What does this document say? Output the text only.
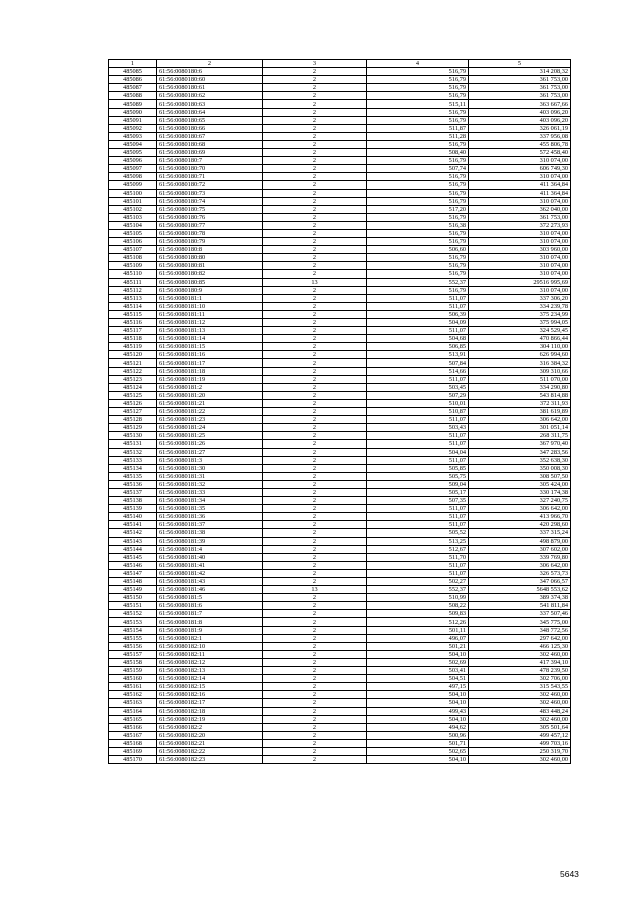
1	2	3	4	5
485085	61:56:0080180:6	2	516,79	314 208,32
485086	61:56:0080180:60	2	516,79	361 753,00
485087	61:56:0080180:61	2	516,79	361 753,00
485088	61:56:0080180:62	2	516,79	361 753,00
485089	61:56:0080180:63	2	515,11	363 667,66
485090	61:56:0080180:64	2	516,79	403 096,20
485091	61:56:0080180:65	2	516,79	403 096,20
485092	61:56:0080180:66	2	511,87	326 061,19
485093	61:56:0080180:67	2	511,28	337 956,08
485094	61:56:0080180:68	2	516,79	455 806,78
485095	61:56:0080180:69	2	508,40	572 458,40
485096	61:56:0080180:7	2	516,79	310 074,00
485097	61:56:0080180:70	2	507,74	606 749,30
485098	61:56:0080180:71	2	516,79	310 074,00
485099	61:56:0080180:72	2	516,79	411 364,84
485100	61:56:0080180:73	2	516,79	411 364,84
485101	61:56:0080180:74	2	516,79	310 074,00
485102	61:56:0080180:75	2	517,20	362 040,00
485103	61:56:0080180:76	2	516,79	361 753,00
485104	61:56:0080180:77	2	516,38	372 273,93
485105	61:56:0080180:78	2	516,79	310 074,00
485106	61:56:0080180:79	2	516,79	310 074,00
485107	61:56:0080180:8	2	506,60	303 960,00
485108	61:56:0080180:80	2	516,79	310 074,00
485109	61:56:0080180:81	2	516,79	310 074,00
485110	61:56:0080180:82	2	516,79	310 074,00
485111	61:56:0080180:85	13	552,37	29516 995,69
485112	61:56:0080180:9	2	516,79	310 074,00
485113	61:56:0080181:1	2	511,07	337 306,20
485114	61:56:0080181:10	2	511,07	334 239,78
485115	61:56:0080181:11	2	506,39	375 234,99
485116	61:56:0080181:12	2	504,09	375 994,05
485117	61:56:0080181:13	2	511,07	324 529,45
485118	61:56:0080181:14	2	504,68	470 866,44
485119	61:56:0080181:15	2	506,85	304 110,00
485120	61:56:0080181:16	2	513,91	626 994,60
485121	61:56:0080181:17	2	507,84	316 384,32
485122	61:56:0080181:18	2	514,66	309 310,66
485123	61:56:0080181:19	2	511,07	511 070,00
485124	61:56:0080181:2	2	503,45	334 290,80
485125	61:56:0080181:20	2	507,29	543 814,88
485126	61:56:0080181:21	2	510,01	372 311,93
485127	61:56:0080181:22	2	510,87	381 619,89
485128	61:56:0080181:23	2	511,07	306 642,00
485129	61:56:0080181:24	2	503,43	301 051,14
485130	61:56:0080181:25	2	511,07	268 311,75
485131	61:56:0080181:26	2	511,07	367 970,40
485132	61:56:0080181:27	2	504,04	347 283,56
485133	61:56:0080181:3	2	511,07	352 638,30
485134	61:56:0080181:30	2	505,85	350 008,30
485135	61:56:0080181:31	2	505,75	308 507,50
485136	61:56:0080181:32	2	509,04	305 424,00
485137	61:56:0080181:33	2	505,17	330 174,38
485138	61:56:0080181:34	2	507,35	327 240,75
485139	61:56:0080181:35	2	511,07	306 642,00
485140	61:56:0080181:36	2	511,07	413 966,70
485141	61:56:0080181:37	2	511,07	420 298,60
485142	61:56:0080181:38	2	505,52	337 315,24
485143	61:56:0080181:39	2	513,25	498 879,00
485144	61:56:0080181:4	2	512,67	307 602,00
485145	61:56:0080181:40	2	511,70	339 769,80
485146	61:56:0080181:41	2	511,07	306 642,00
485147	61:56:0080181:42	2	511,07	326 573,73
485148	61:56:0080181:43	2	502,27	347 066,57
485149	61:56:0080181:46	13	552,37	5648 553,62
485150	61:56:0080181:5	2	510,99	389 374,38
485151	61:56:0080181:6	2	508,22	541 811,84
485152	61:56:0080181:7	2	509,83	337 507,46
485153	61:56:0080181:8	2	512,26	345 775,00
485154	61:56:0080181:9	2	501,11	348 772,56
485155	61:56:0080182:1	2	496,07	297 642,00
485156	61:56:0080182:10	2	501,21	466 125,30
485157	61:56:0080182:11	2	504,10	302 460,00
485158	61:56:0080182:12	2	502,69	417 394,10
485159	61:56:0080182:13	2	503,41	478 239,50
485160	61:56:0080182:14	2	504,51	302 706,00
485161	61:56:0080182:15	2	497,15	315 543,55
485162	61:56:0080182:16	2	504,10	302 460,00
485163	61:56:0080182:17	2	504,10	302 460,00
485164	61:56:0080182:18	2	499,43	483 448,24
485165	61:56:0080182:19	2	504,10	302 460,00
485166	61:56:0080182:2	2	494,62	305 501,64
485167	61:56:0080182:20	2	500,96	499 457,12
485168	61:56:0080182:21	2	501,71	499 703,16
485169	61:56:0080182:22	2	502,65	250 319,70
485170	61:56:0080182:23	2	504,10	302 460,00
5643
